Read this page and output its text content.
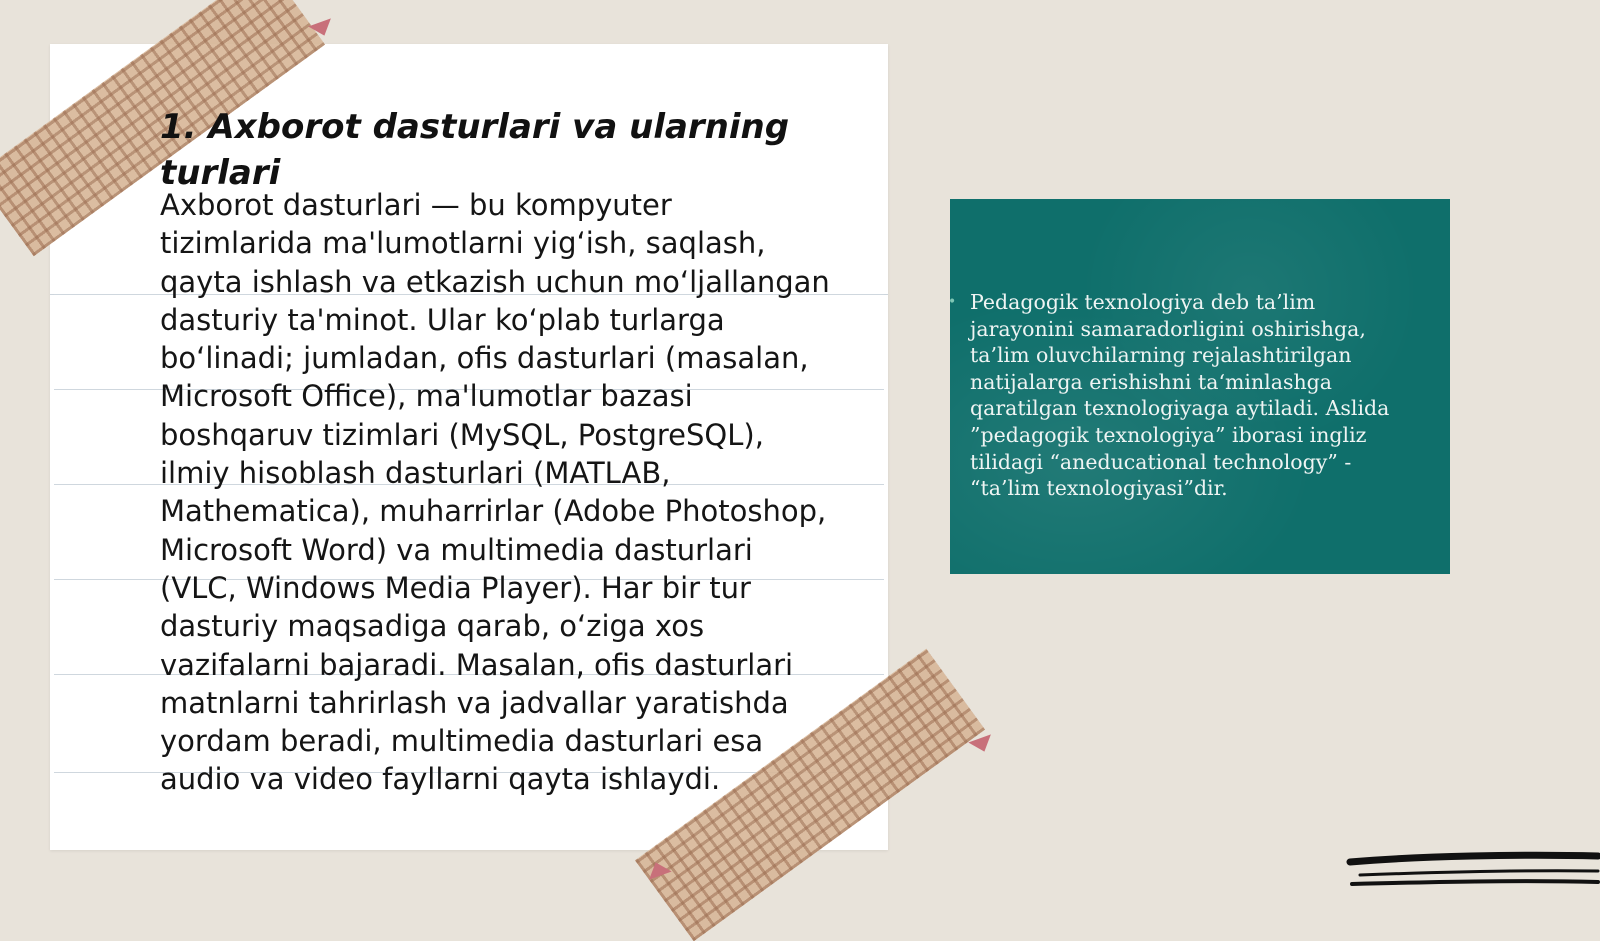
1. Axborot dasturlari va ularning turlari

Axborot dasturlari — bu kompyuter tizimlarida ma'lumotlarni yig‘ish, saqlash, qayta ishlash va etkazish uchun mo‘ljallangan dasturiy ta'minot. Ular ko‘plab turlarga bo‘linadi; jumladan, ofis dasturlari (masalan, Microsoft Office), ma'lumotlar bazasi boshqaruv tizimlari (MySQL, PostgreSQL), ilmiy hisoblash dasturlari (MATLAB, Mathematica), muharrirlar (Adobe Photoshop, Microsoft Word) va multimedia dasturlari (VLC, Windows Media Player). Har bir tur dasturiy maqsadiga qarab, o‘ziga xos vazifalarni bajaradi. Masalan, ofis dasturlari matnlarni tahrirlash va jadvallar yaratishda yordam beradi, multimedia dasturlari esa audio va video fayllarni qayta ishlaydi.

• Pedagogik texnologiya deb ta’lim jarayonini samaradorligini oshirishga, ta’lim oluvchilarning rejalashtirilgan natijalarga erishishni ta‘minlashga qaratilgan texnologiyaga aytiladi. Aslida ”pedagogik texnologiya” iborasi ingliz tilidagi “aneducational technology” - “ta’lim texnologiyasi”dir.
